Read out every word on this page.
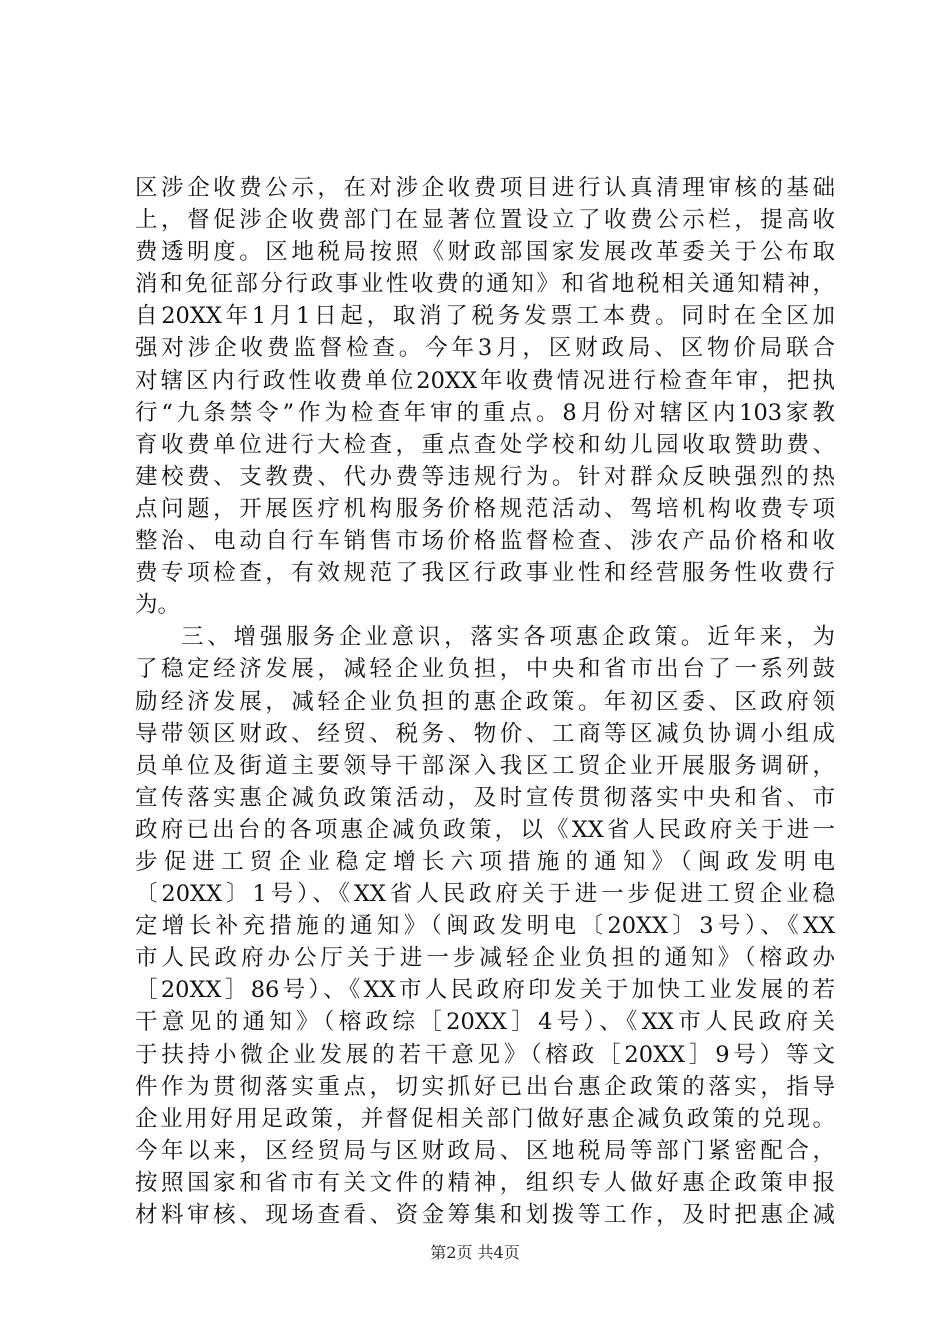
区涉企收费公示，在对涉企收费项目进行认真清理审核的基础
上，督促涉企收费部门在显著位置设立了收费公示栏，提高收
费透明度。区地税局按照《财政部国家发展改革委关于公布取
消和免征部分行政事业性收费的通知》和省地税相关通知精神，
自20XX年1月1日起，取消了税务发票工本费。同时在全区加
强对涉企收费监督检查。今年3月，区财政局、区物价局联合
对辖区内行政性收费单位20XX年收费情况进行检查年审，把执
行“九条禁令”作为检查年审的重点。8月份对辖区内103家教
育收费单位进行大检查，重点查处学校和幼儿园收取赞助费、
建校费、支教费、代办费等违规行为。针对群众反映强烈的热
点问题，开展医疗机构服务价格规范活动、驾培机构收费专项
整治、电动自行车销售市场价格监督检查、涉农产品价格和收
费专项检查，有效规范了我区行政事业性和经营服务性收费行
为。
三、增强服务企业意识，落实各项惠企政策。近年来，为
了稳定经济发展，减轻企业负担，中央和省市出台了一系列鼓
励经济发展，减轻企业负担的惠企政策。年初区委、区政府领
导带领区财政、经贸、税务、物价、工商等区减负协调小组成
员单位及街道主要领导干部深入我区工贸企业开展服务调研，
宣传落实惠企减负政策活动，及时宣传贯彻落实中央和省、市
政府已出台的各项惠企减负政策，以《XX省人民政府关于进一
步促进工贸企业稳定增长六项措施的通知》（闽政发明电
〔20XX〕1号）、《XX省人民政府关于进一步促进工贸企业稳
定增长补充措施的通知》（闽政发明电〔20XX〕3号）、《XX
市人民政府办公厅关于进一步减轻企业负担的通知》（榕政办
［20XX］86号）、《XX市人民政府印发关于加快工业发展的若
干意见的通知》（榕政综［20XX］4号）、《XX市人民政府关
于扶持小微企业发展的若干意见》（榕政［20XX］9号）等文
件作为贯彻落实重点，切实抓好已出台惠企政策的落实，指导
企业用好用足政策，并督促相关部门做好惠企减负政策的兑现。
今年以来，区经贸局与区财政局、区地税局等部门紧密配合，
按照国家和省市有关文件的精神，组织专人做好惠企政策申报
材料审核、现场查看、资金筹集和划拨等工作，及时把惠企减
第2页 共4页
